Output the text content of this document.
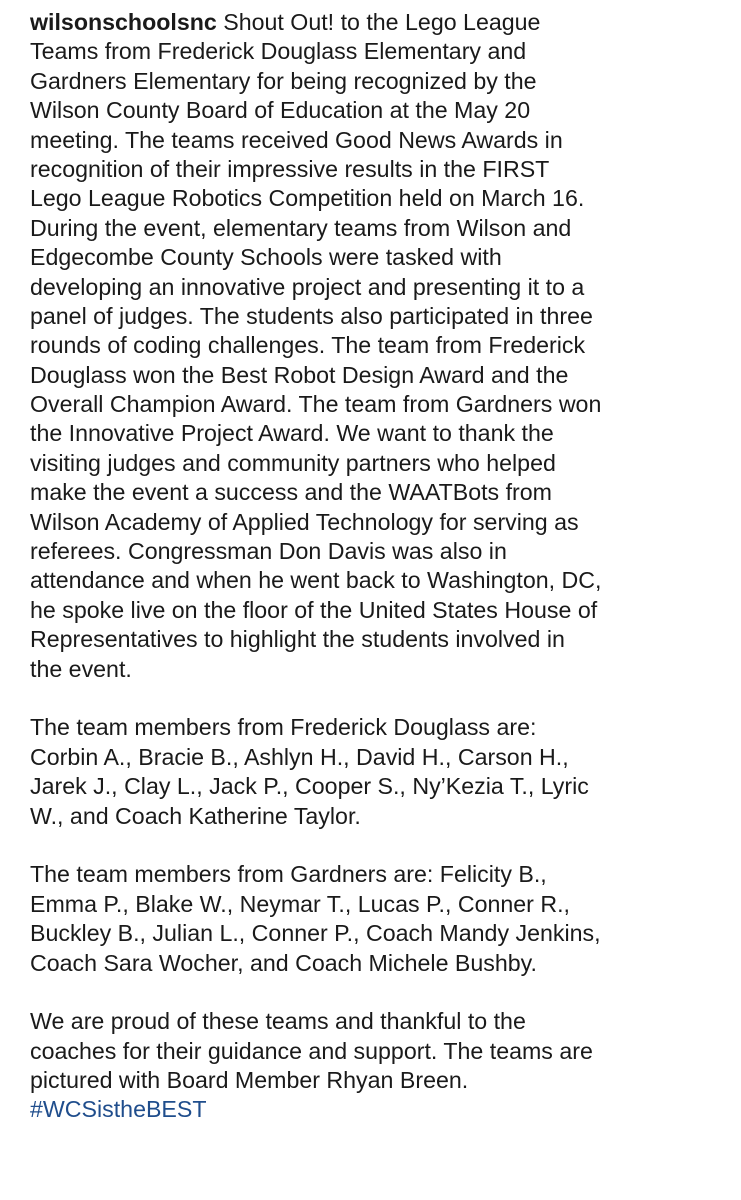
wilsonschoolsnc Shout Out! to the Lego League
Teams from Frederick Douglass Elementary and
Gardners Elementary for being recognized by the
Wilson County Board of Education at the May 20
meeting. The teams received Good News Awards in
recognition of their impressive results in the FIRST
Lego League Robotics Competition held on March 16.
During the event, elementary teams from Wilson and
Edgecombe County Schools were tasked with
developing an innovative project and presenting it to a
panel of judges. The students also participated in three
rounds of coding challenges. The team from Frederick
Douglass won the Best Robot Design Award and the
Overall Champion Award. The team from Gardners won
the Innovative Project Award. We want to thank the
visiting judges and community partners who helped
make the event a success and the WAATBots from
Wilson Academy of Applied Technology for serving as
referees. Congressman Don Davis was also in
attendance and when he went back to Washington, DC,
he spoke live on the floor of the United States House of
Representatives to highlight the students involved in
the event.
The team members from Frederick Douglass are:
Corbin A., Bracie B., Ashlyn H., David H., Carson H.,
Jarek J., Clay L., Jack P., Cooper S., Ny’Kezia T., Lyric
W., and Coach Katherine Taylor.
The team members from Gardners are: Felicity B.,
Emma P., Blake W., Neymar T., Lucas P., Conner R.,
Buckley B., Julian L., Conner P., Coach Mandy Jenkins,
Coach Sara Wocher, and Coach Michele Bushby.
We are proud of these teams and thankful to the
coaches for their guidance and support. The teams are
pictured with Board Member Rhyan Breen.
#WCSistheBEST
